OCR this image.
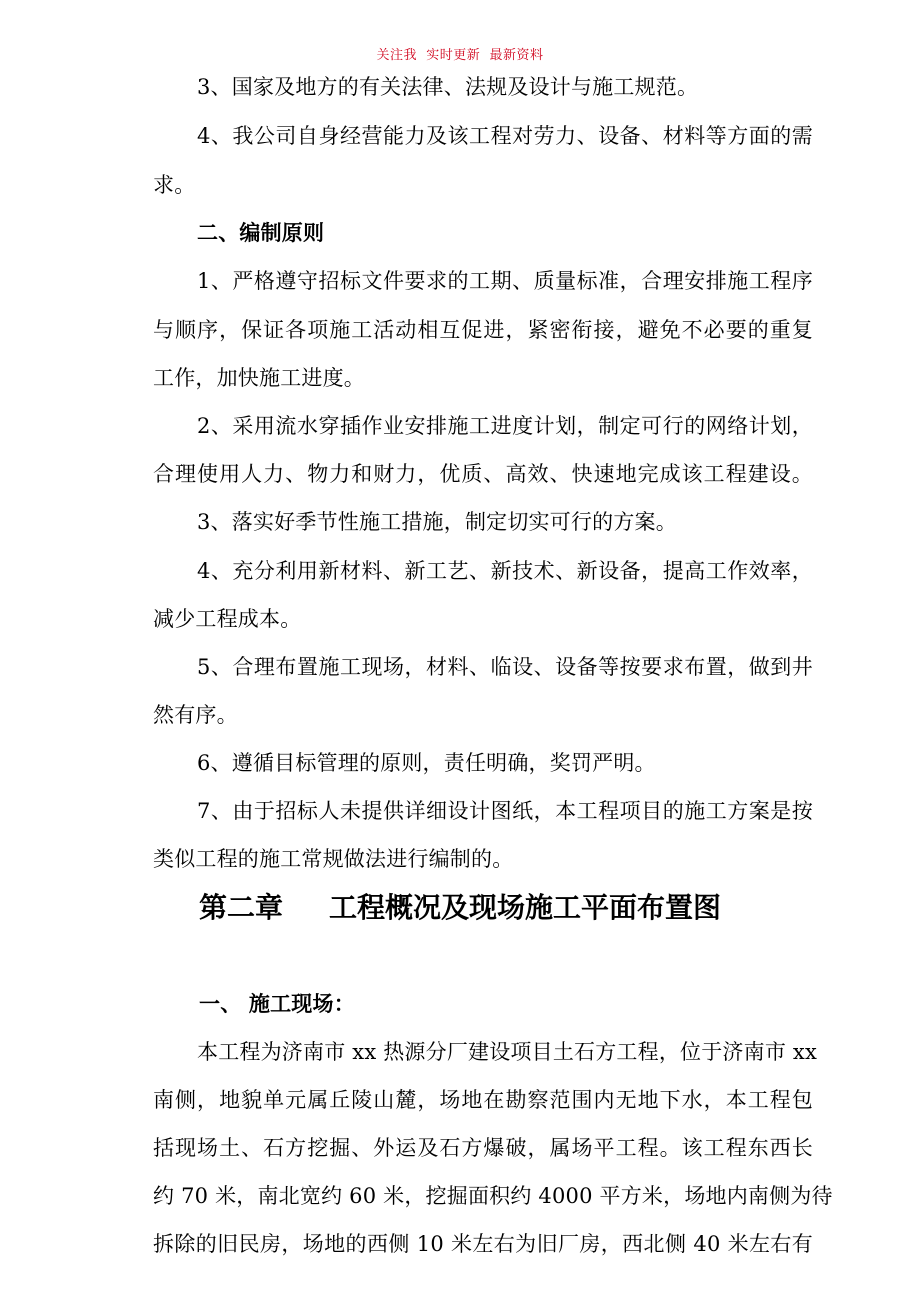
关注我  实时更新  最新资料
3、国家及地方的有关法律、法规及设计与施工规范。
4、我公司自身经营能力及该工程对劳力、设备、材料等方面的需
求。
二、编制原则
1、严格遵守招标文件要求的工期、质量标准，合理安排施工程序
与顺序，保证各项施工活动相互促进，紧密衔接，避免不必要的重复
工作，加快施工进度。
2、采用流水穿插作业安排施工进度计划，制定可行的网络计划，
合理使用人力、物力和财力，优质、高效、快速地完成该工程建设。
3、落实好季节性施工措施，制定切实可行的方案。
4、充分利用新材料、新工艺、新技术、新设备，提高工作效率，
减少工程成本。
5、合理布置施工现场，材料、临设、设备等按要求布置，做到井
然有序。
6、遵循目标管理的原则，责任明确，奖罚严明。
7、由于招标人未提供详细设计图纸，本工程项目的施工方案是按
类似工程的施工常规做法进行编制的。
第二章 工程概况及现场施工平面布置图
一、 施工现场：
本工程为济南市 xx 热源分厂建设项目土石方工程，位于济南市 xx
南侧，地貌单元属丘陵山麓，场地在勘察范围内无地下水，本工程包
括现场土、石方挖掘、外运及石方爆破，属场平工程。该工程东西长
约 70 米，南北宽约 60 米，挖掘面积约 4000 平方米，场地内南侧为待
拆除的旧民房，场地的西侧 10 米左右为旧厂房，西北侧 40 米左右有
